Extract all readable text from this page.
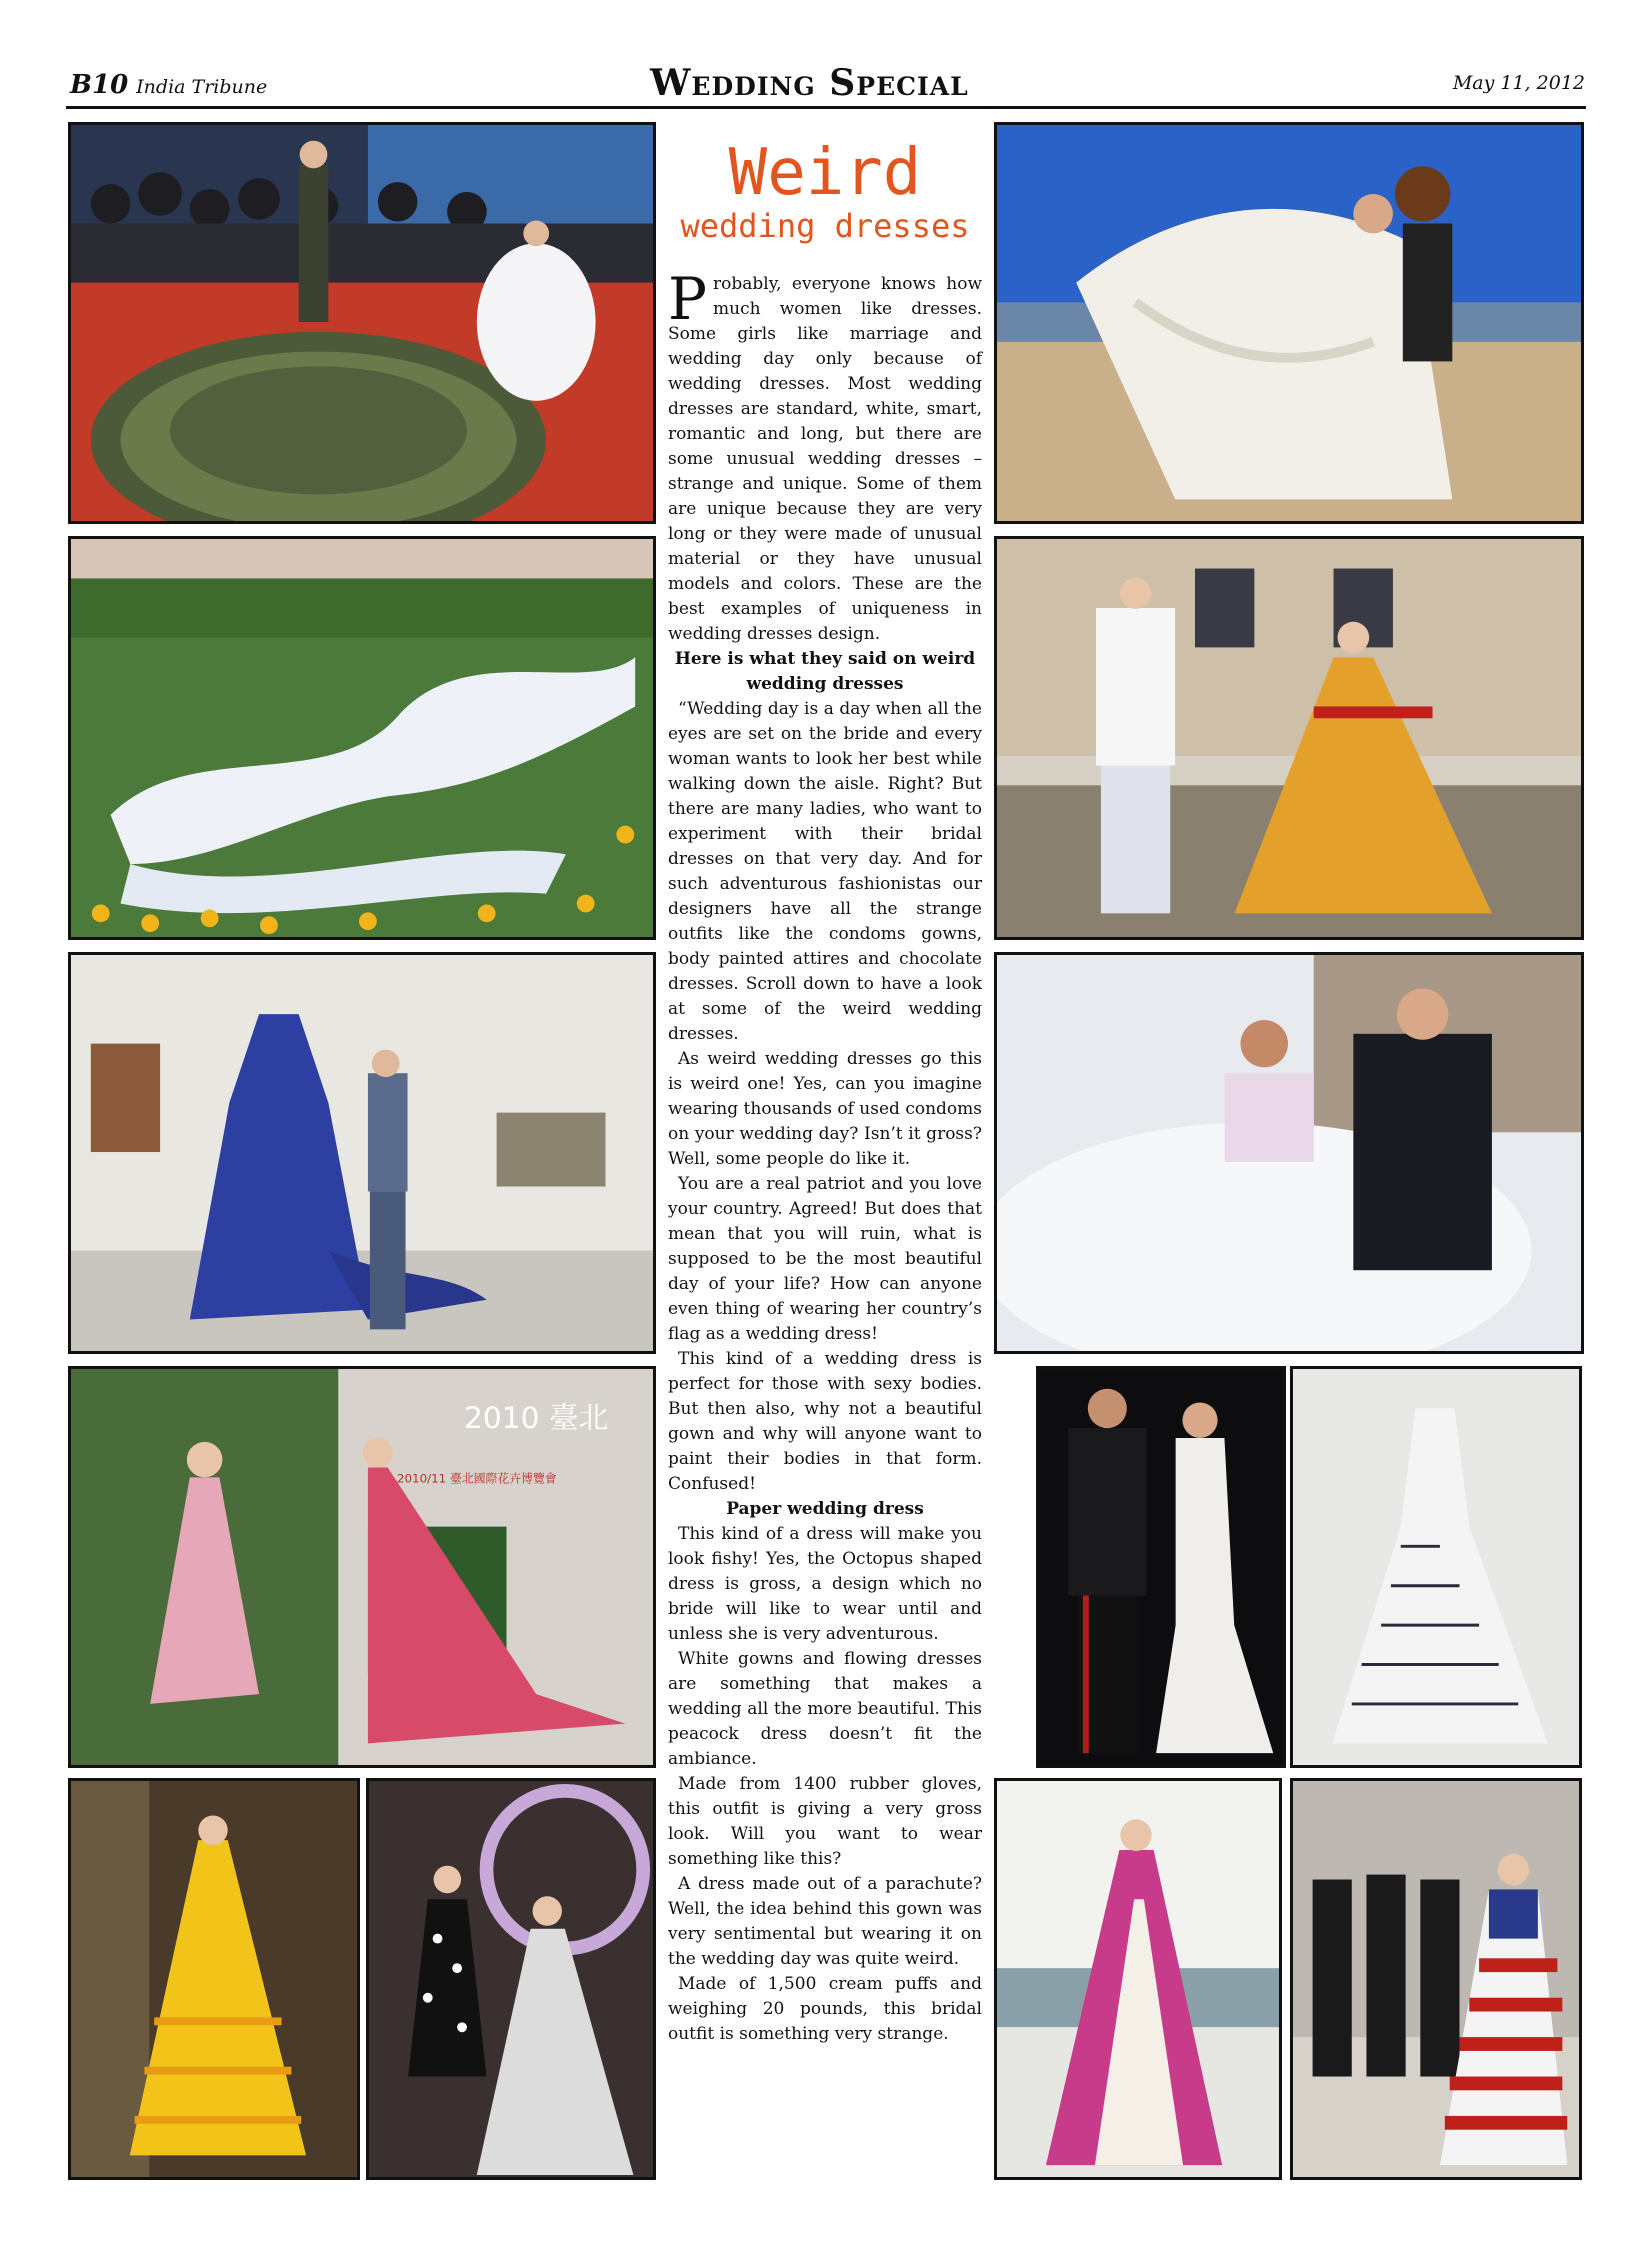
B10 India Tribune	Wedding Special	May 11, 2012
2010 臺北
2010/11 臺北國際花卉博覽會
Weird
wedding dresses

Probably, everyone knows how much women like dresses. Some girls like marriage and wedding day only because of wedding dresses. Most wedding dresses are standard, white, smart, romantic and long, but there are some unusual wedding dresses – strange and unique. Some of them are unique because they are very long or they were made of unusual material or they have unusual models and colors. These are the best examples of uniqueness in wedding dresses design.

Here is what they said on weird wedding dresses

“Wedding day is a day when all the eyes are set on the bride and every woman wants to look her best while walking down the aisle. Right? But there are many ladies, who want to experiment with their bridal dresses on that very day. And for such adventurous fashionistas our designers have all the strange outfits like the condoms gowns, body painted attires and chocolate dresses. Scroll down to have a look at some of the weird wedding dresses.

As weird wedding dresses go this is weird one! Yes, can you imagine wearing thousands of used condoms on your wedding day? Isn’t it gross? Well, some people do like it.

You are a real patriot and you love your country. Agreed! But does that mean that you will ruin, what is supposed to be the most beautiful day of your life? How can anyone even thing of wearing her country’s flag as a wedding dress!

This kind of a wedding dress is perfect for those with sexy bodies. But then also, why not a beautiful gown and why will anyone want to paint their bodies in that form. Confused!

Paper wedding dress

This kind of a dress will make you look fishy! Yes, the Octopus shaped dress is gross, a design which no bride will like to wear until and unless she is very adventurous.

White gowns and flowing dresses are something that makes a wedding all the more beautiful. This peacock dress doesn’t fit the ambiance.

Made from 1400 rubber gloves, this outfit is giving a very gross look. Will you want to wear something like this?

A dress made out of a parachute? Well, the idea behind this gown was very sentimental but wearing it on the wedding day was quite weird.

Made of 1,500 cream puffs and weighing 20 pounds, this bridal outfit is something very strange.
